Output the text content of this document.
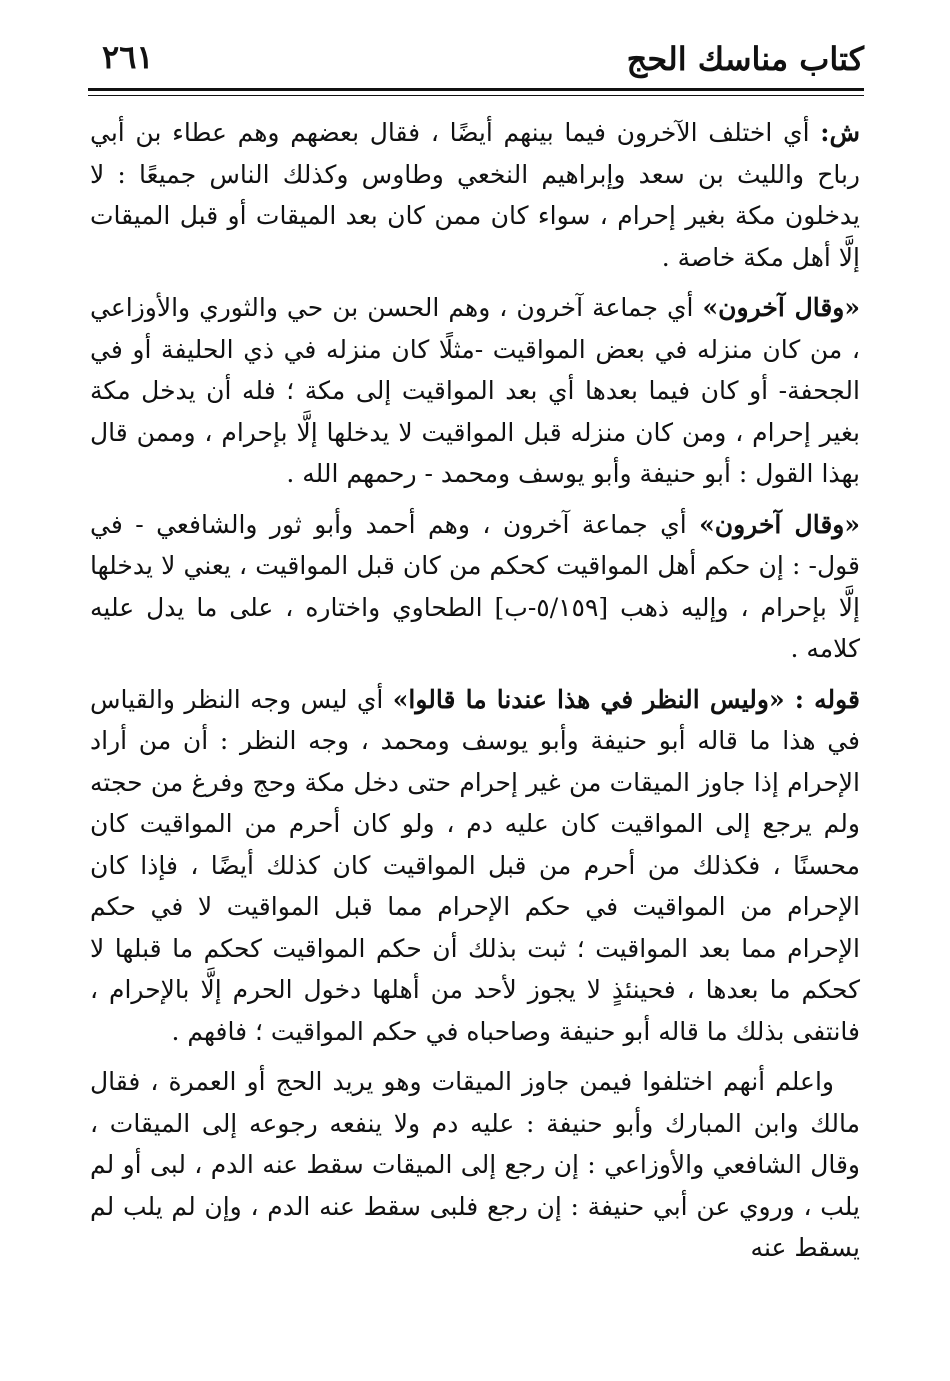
كتاب مناسك الحج
٢٦١

ش: أي اختلف الآخرون فيما بينهم أيضًا ، فقال بعضهم وهم عطاء بن أبي رباح والليث بن سعد وإبراهيم النخعي وطاوس وكذلك الناس جميعًا : لا يدخلون مكة بغير إحرام ، سواء كان ممن كان بعد الميقات أو قبل الميقات إلَّا أهل مكة خاصة .

«وقال آخرون» أي جماعة آخرون ، وهم الحسن بن حي والثوري والأوزاعي ، من كان منزله في بعض المواقيت -مثلًا كان منزله في ذي الحليفة أو في الجحفة- أو كان فيما بعدها أي بعد المواقيت إلى مكة ؛ فله أن يدخل مكة بغير إحرام ، ومن كان منزله قبل المواقيت لا يدخلها إلَّا بإحرام ، وممن قال بهذا القول : أبو حنيفة وأبو يوسف ومحمد - رحمهم الله .

«وقال آخرون» أي جماعة آخرون ، وهم أحمد وأبو ثور والشافعي - في قول- : إن حكم أهل المواقيت كحكم من كان قبل المواقيت ، يعني لا يدخلها إلَّا بإحرام ، وإليه ذهب [٥/١٥٩-ب] الطحاوي واختاره ، على ما يدل عليه كلامه .

قوله : «وليس النظر في هذا عندنا ما قالوا» أي ليس وجه النظر والقياس في هذا ما قاله أبو حنيفة وأبو يوسف ومحمد ، وجه النظر : أن من أراد الإحرام إذا جاوز الميقات من غير إحرام حتى دخل مكة وحج وفرغ من حجته ولم يرجع إلى المواقيت كان عليه دم ، ولو كان أحرم من المواقيت كان محسنًا ، فكذلك من أحرم من قبل المواقيت كان كذلك أيضًا ، فإذا كان الإحرام من المواقيت في حكم الإحرام مما قبل المواقيت لا في حكم الإحرام مما بعد المواقيت ؛ ثبت بذلك أن حكم المواقيت كحكم ما قبلها لا كحكم ما بعدها ، فحينئذٍ لا يجوز لأحد من أهلها دخول الحرم إلَّا بالإحرام ، فانتفى بذلك ما قاله أبو حنيفة وصاحباه في حكم المواقيت ؛ فافهم .

واعلم أنهم اختلفوا فيمن جاوز الميقات وهو يريد الحج أو العمرة ، فقال مالك وابن المبارك وأبو حنيفة : عليه دم ولا ينفعه رجوعه إلى الميقات ، وقال الشافعي والأوزاعي : إن رجع إلى الميقات سقط عنه الدم ، لبى أو لم يلب ، وروي عن أبي حنيفة : إن رجع فلبى سقط عنه الدم ، وإن لم يلب لم يسقط عنه
